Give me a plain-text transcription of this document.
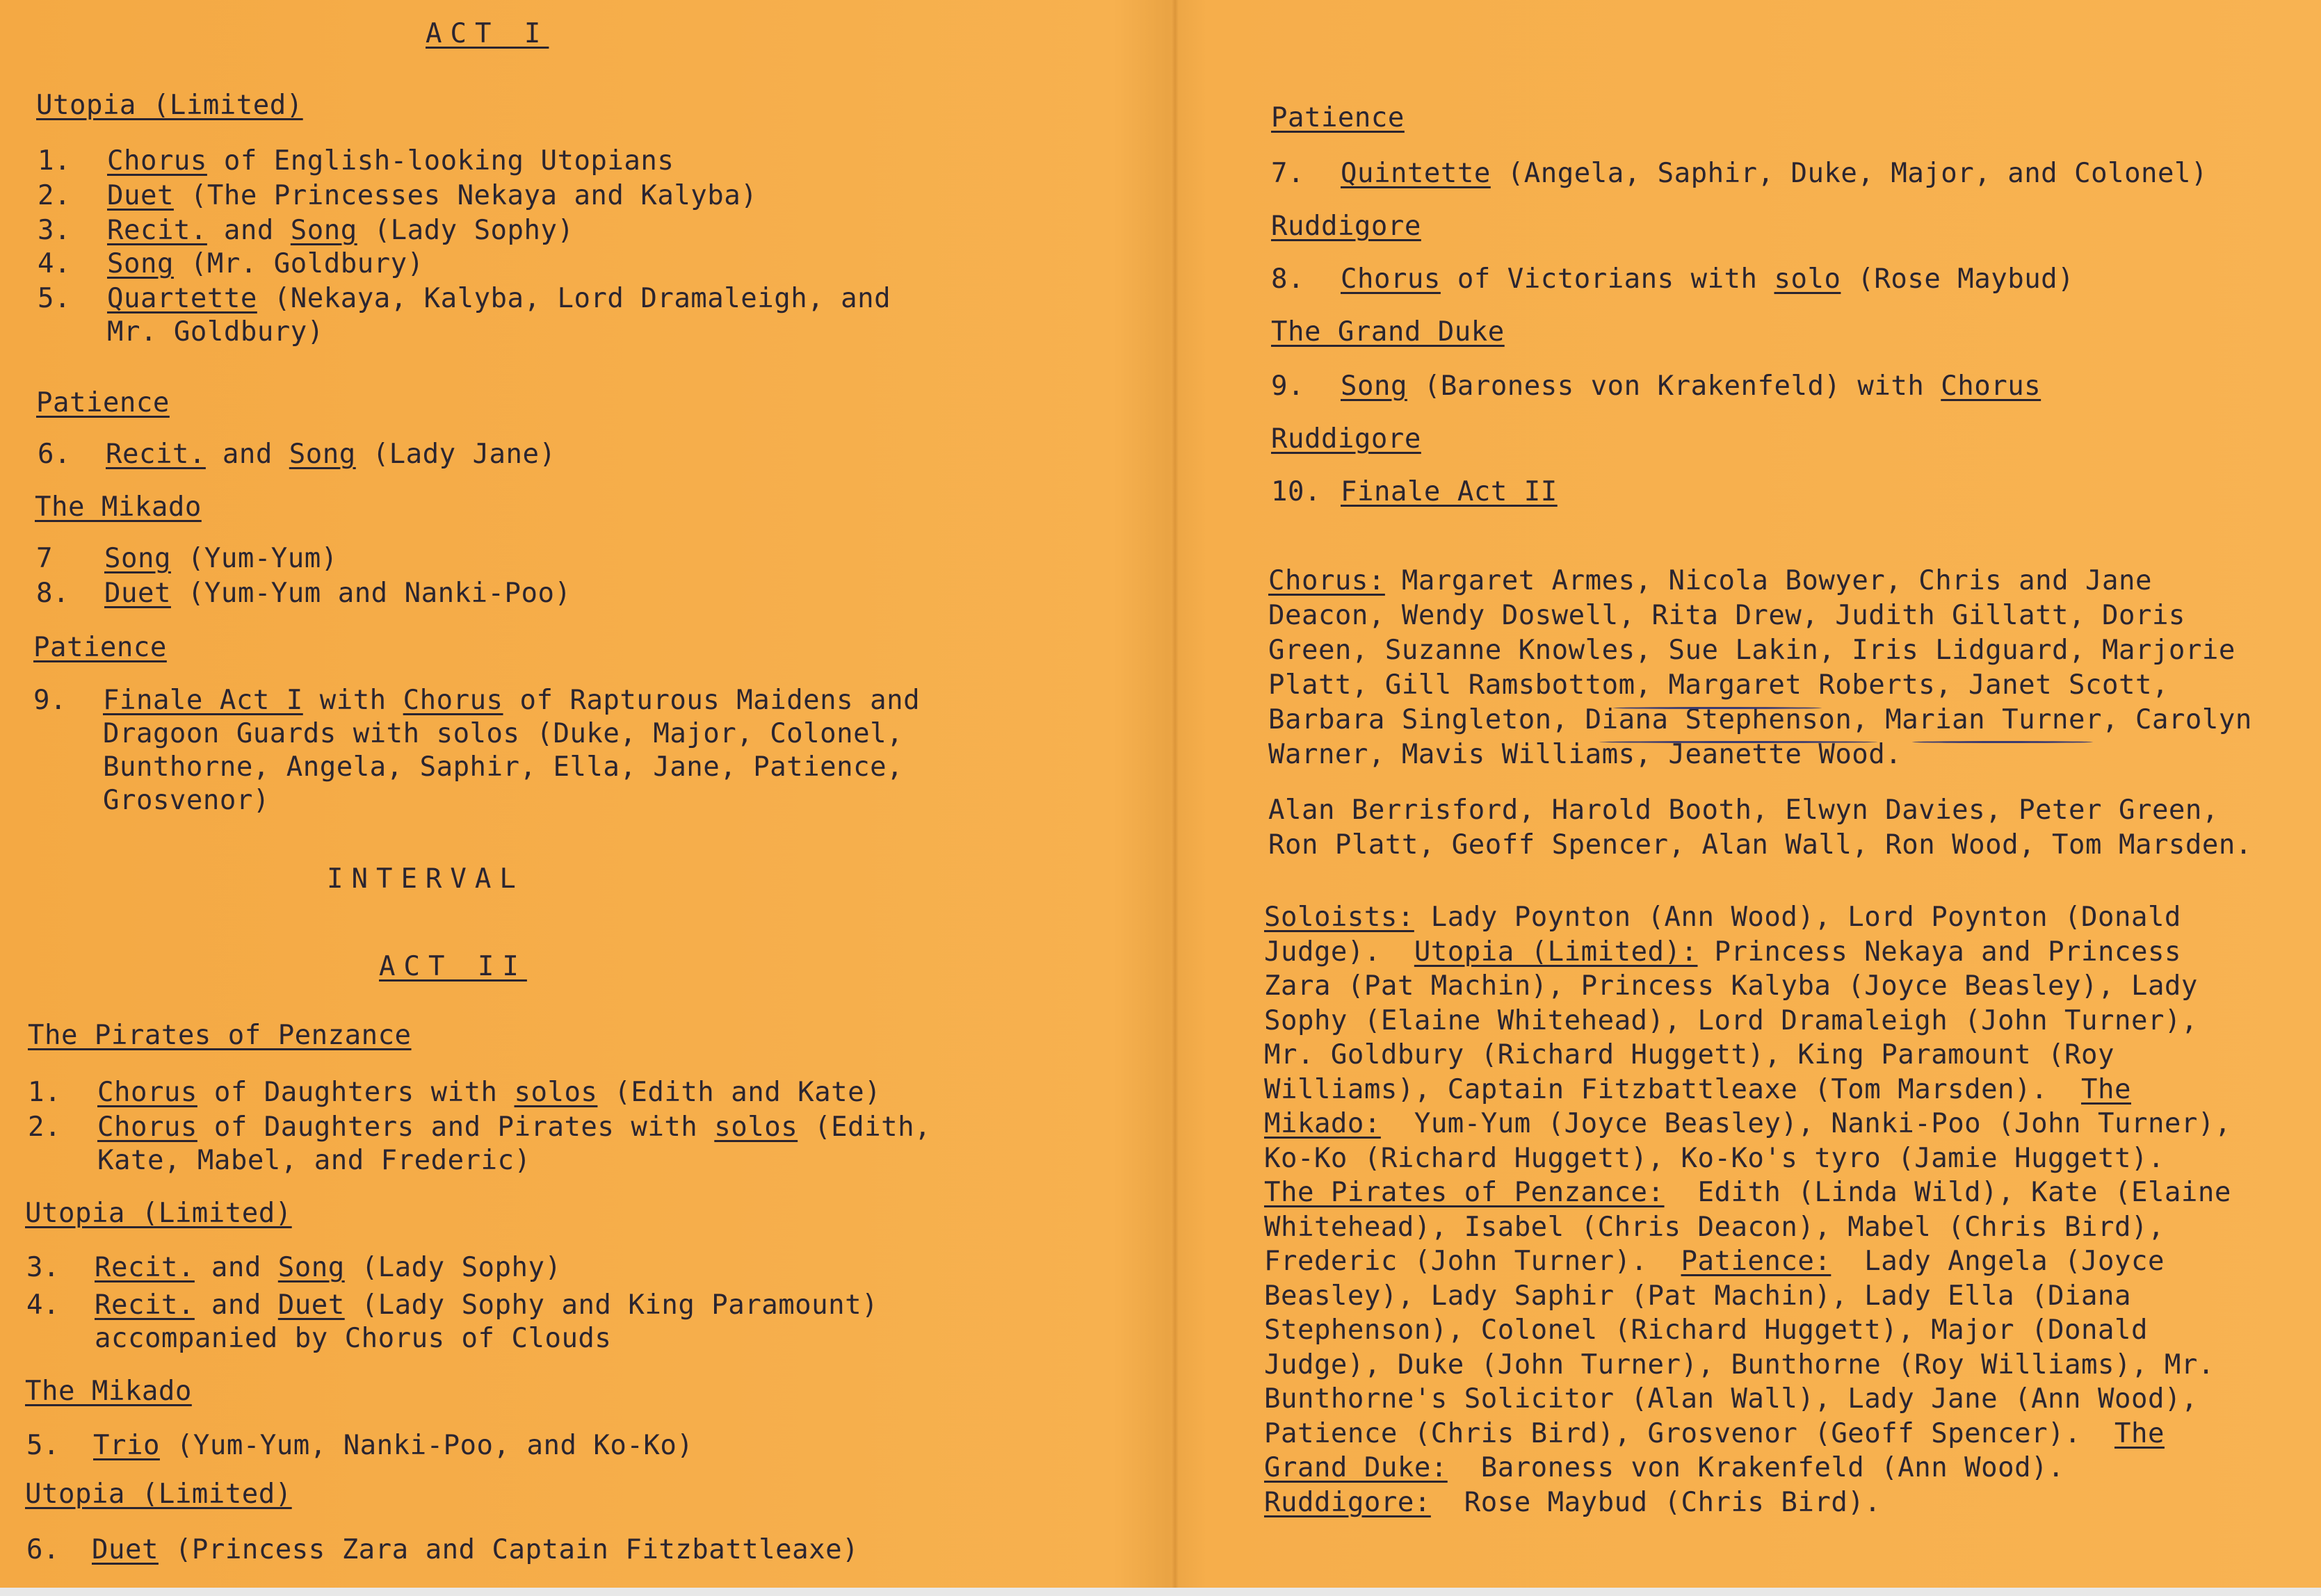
ACT I
Utopia (Limited)
1. Chorus of English-looking Utopians
2. Duet (The Princesses Nekaya and Kalyba)
3. Recit. and Song (Lady Sophy)
4. Song (Mr. Goldbury)
5. Quartette (Nekaya, Kalyba, Lord Dramaleigh, and
Mr. Goldbury)
Patience
6. Recit. and Song (Lady Jane)
The Mikado
7 Song (Yum-Yum)
8. Duet (Yum-Yum and Nanki-Poo)
Patience
9. Finale Act I with Chorus of Rapturous Maidens and
Dragoon Guards with solos (Duke, Major, Colonel,
Bunthorne, Angela, Saphir, Ella, Jane, Patience,
Grosvenor)
INTERVAL
ACT II
The Pirates of Penzance
1. Chorus of Daughters with solos (Edith and Kate)
2. Chorus of Daughters and Pirates with solos (Edith,
Kate, Mabel, and Frederic)
Utopia (Limited)
3. Recit. and Song (Lady Sophy)
4. Recit. and Duet (Lady Sophy and King Paramount)
accompanied by Chorus of Clouds
The Mikado
5. Trio (Yum-Yum, Nanki-Poo, and Ko-Ko)
Utopia (Limited)
6. Duet (Princess Zara and Captain Fitzbattleaxe)
Patience
7. Quintette (Angela, Saphir, Duke, Major, and Colonel)
Ruddigore
8. Chorus of Victorians with solo (Rose Maybud)
The Grand Duke
9. Song (Baroness von Krakenfeld) with Chorus
Ruddigore
10. Finale Act II
Chorus: Margaret Armes, Nicola Bowyer, Chris and Jane
Deacon, Wendy Doswell, Rita Drew, Judith Gillatt, Doris
Green, Suzanne Knowles, Sue Lakin, Iris Lidguard, Marjorie
Platt, Gill Ramsbottom, Margaret Roberts, Janet Scott,
Barbara Singleton, Diana Stephenson, Marian Turner, Carolyn
Warner, Mavis Williams, Jeanette Wood.
Alan Berrisford, Harold Booth, Elwyn Davies, Peter Green,
Ron Platt, Geoff Spencer, Alan Wall, Ron Wood, Tom Marsden.
Soloists: Lady Poynton (Ann Wood), Lord Poynton (Donald
Judge).  Utopia (Limited): Princess Nekaya and Princess
Zara (Pat Machin), Princess Kalyba (Joyce Beasley), Lady
Sophy (Elaine Whitehead), Lord Dramaleigh (John Turner),
Mr. Goldbury (Richard Huggett), King Paramount (Roy
Williams), Captain Fitzbattleaxe (Tom Marsden).  The
Mikado:  Yum-Yum (Joyce Beasley), Nanki-Poo (John Turner),
Ko-Ko (Richard Huggett), Ko-Ko's tyro (Jamie Huggett).
The Pirates of Penzance:  Edith (Linda Wild), Kate (Elaine
Whitehead), Isabel (Chris Deacon), Mabel (Chris Bird),
Frederic (John Turner).  Patience:  Lady Angela (Joyce
Beasley), Lady Saphir (Pat Machin), Lady Ella (Diana
Stephenson), Colonel (Richard Huggett), Major (Donald
Judge), Duke (John Turner), Bunthorne (Roy Williams), Mr.
Bunthorne's Solicitor (Alan Wall), Lady Jane (Ann Wood),
Patience (Chris Bird), Grosvenor (Geoff Spencer).  The
Grand Duke:  Baroness von Krakenfeld (Ann Wood).
Ruddigore:  Rose Maybud (Chris Bird).
